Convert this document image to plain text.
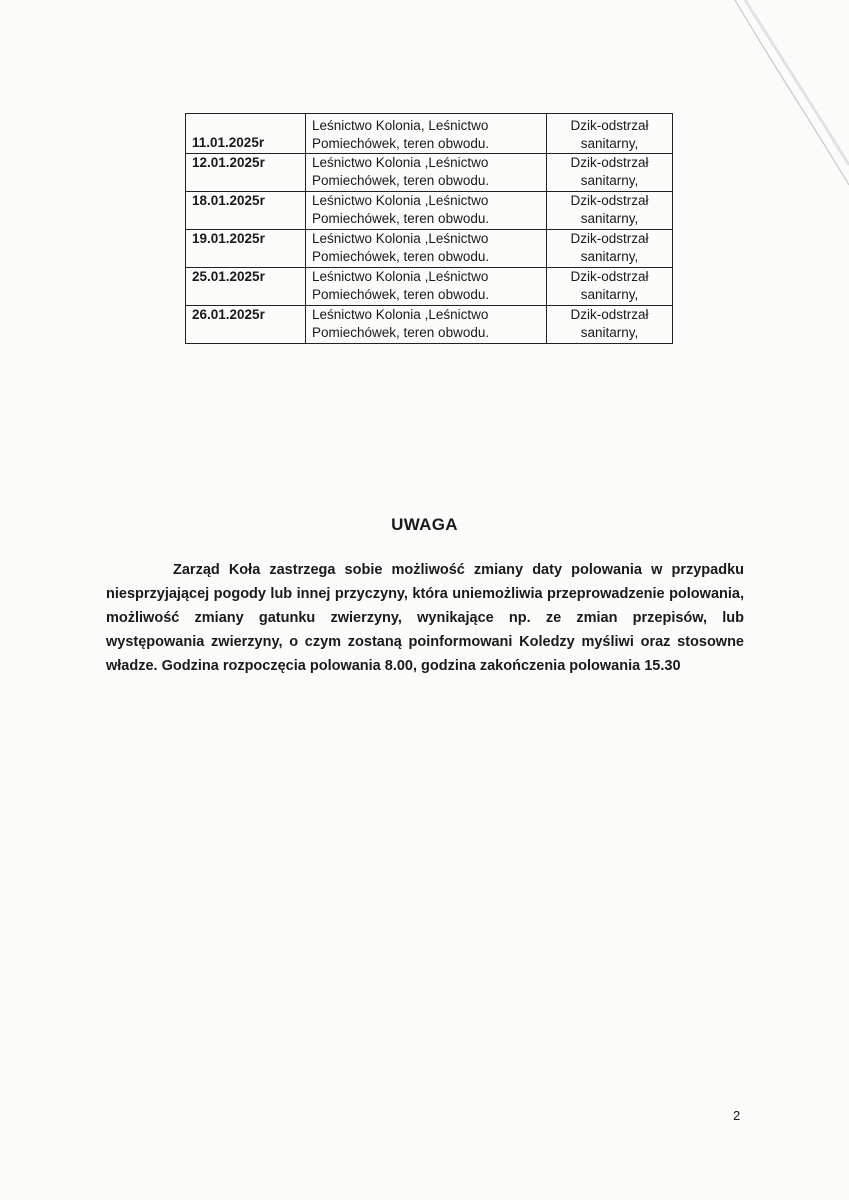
11.01.2025r	Leśnictwo Kolonia, Leśnictwo
Pomiechówek, teren obwodu.	Dzik-odstrzał
sanitarny,
12.01.2025r	Leśnictwo Kolonia ,Leśnictwo
Pomiechówek, teren obwodu.	Dzik-odstrzał
sanitarny,
18.01.2025r	Leśnictwo Kolonia ,Leśnictwo
Pomiechówek, teren obwodu.	Dzik-odstrzał
sanitarny,
19.01.2025r	Leśnictwo Kolonia ,Leśnictwo
Pomiechówek, teren obwodu.	Dzik-odstrzał
sanitarny,
25.01.2025r	Leśnictwo Kolonia ,Leśnictwo
Pomiechówek, teren obwodu.	Dzik-odstrzał
sanitarny,
26.01.2025r	Leśnictwo Kolonia ,Leśnictwo
Pomiechówek, teren obwodu.	Dzik-odstrzał
sanitarny,
UWAGA

Zarząd Koła zastrzega sobie możliwość zmiany daty polowania w przypadku niesprzyjającej pogody lub innej przyczyny, która uniemożliwia przeprowadzenie polowania, możliwość zmiany gatunku zwierzyny, wynikające np. ze zmian przepisów, lub występowania zwierzyny, o czym zostaną poinformowani Koledzy myśliwi oraz stosowne władze. Godzina rozpoczęcia polowania 8.00, godzina zakończenia polowania 15.30

2
